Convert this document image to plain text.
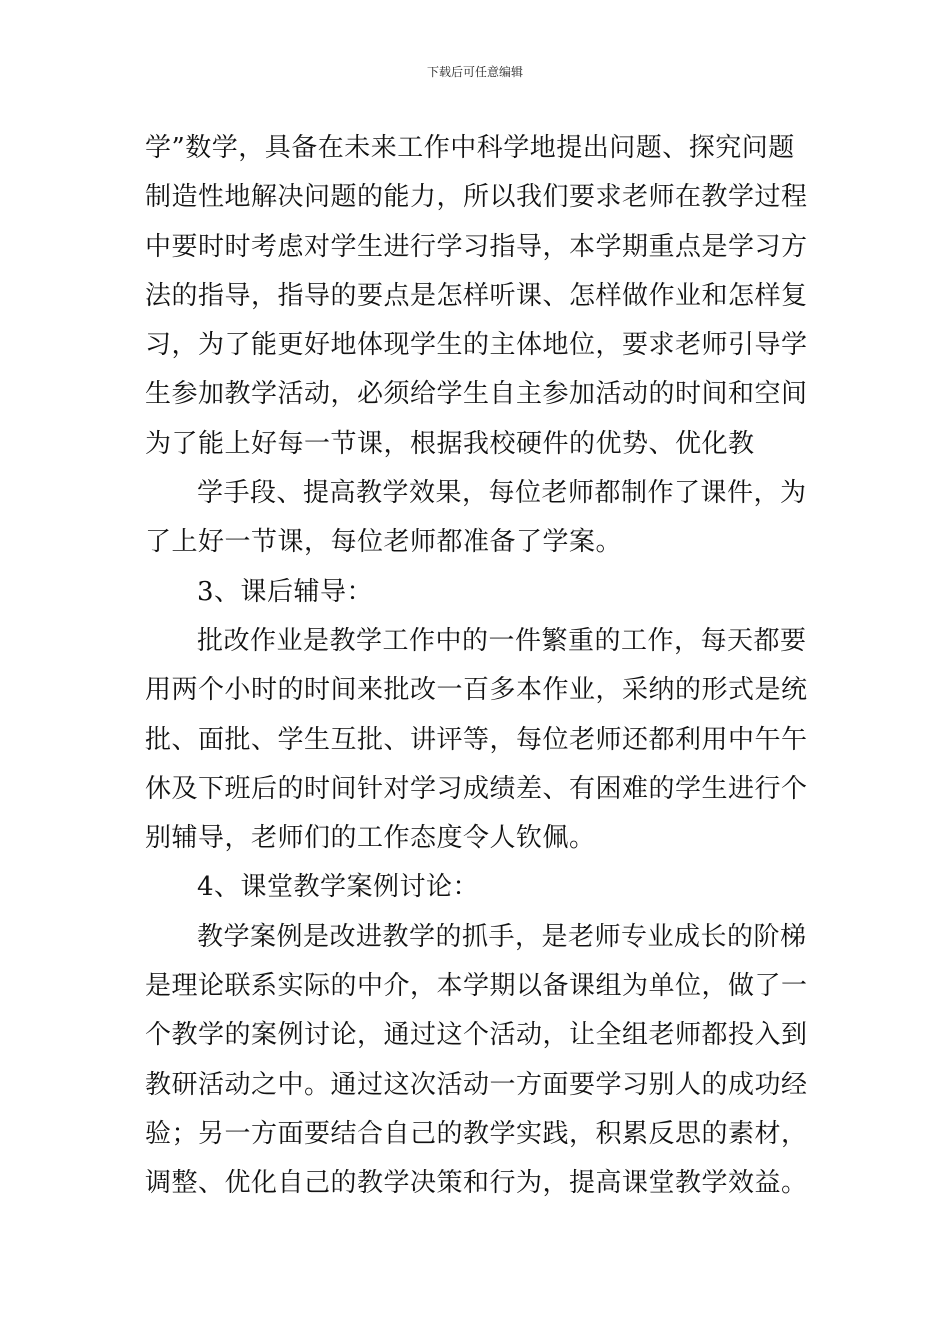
下载后可任意编辑
学”数学，具备在未来工作中科学地提出问题、探究问题
制造性地解决问题的能力，所以我们要求老师在教学过程
中要时时考虑对学生进行学习指导，本学期重点是学习方
法的指导，指导的要点是怎样听课、怎样做作业和怎样复
习，为了能更好地体现学生的主体地位，要求老师引导学
生参加教学活动，必须给学生自主参加活动的时间和空间
为了能上好每一节课，根据我校硬件的优势、优化教
学手段、提高教学效果，每位老师都制作了课件，为
了上好一节课，每位老师都准备了学案。
3、课后辅导：
批改作业是教学工作中的一件繁重的工作，每天都要
用两个小时的时间来批改一百多本作业，采纳的形式是统
批、面批、学生互批、讲评等，每位老师还都利用中午午
休及下班后的时间针对学习成绩差、有困难的学生进行个
别辅导，老师们的工作态度令人钦佩。
4、课堂教学案例讨论：
教学案例是改进教学的抓手，是老师专业成长的阶梯
是理论联系实际的中介，本学期以备课组为单位，做了一
个教学的案例讨论，通过这个活动，让全组老师都投入到
教研活动之中。通过这次活动一方面要学习别人的成功经
验；另一方面要结合自己的教学实践，积累反思的素材，
调整、优化自己的教学决策和行为，提高课堂教学效益。
